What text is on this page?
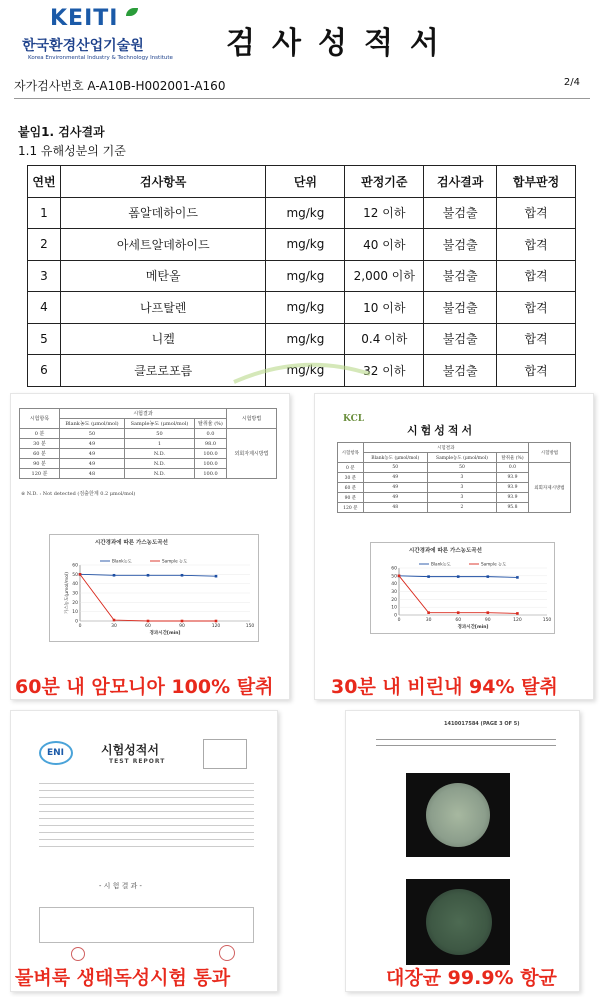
KEITI
한국환경산업기술원
Korea Environmental Industry & Technology Institute 검사성적서
자가검사번호 A-A10B-H002001-A160	2/4
붙임1. 검사결과
1.1 유해성분의 기준
연번	검사항목	단위	판정기준	검사결과	합부판정
1	폼알데하이드	mg/kg	12 이하	불검출	합격
2	아세트알데하이드	mg/kg	40 이하	불검출	합격
3	메탄올	mg/kg	2,000 이하	불검출	합격
4	나프탈렌	mg/kg	10 이하	불검출	합격
5	니켈	mg/kg	0.4 이하	불검출	합격
6	클로로포름	mg/kg	32 이하	불검출	합격
시험항목	시험결과			시험방법
	Blank농도 (μmol/mol)	Sample농도 (μmol/mol)	탈취율 (%)	
0 분	50	50	0.0	외회자제시방법
30 분	49	1	98.0	
60 분	49	N.D.	100.0	
90 분	49	N.D.	100.0	
120 분	48	N.D.	100.0	
※ N.D. : Not detected (검출한계 0.2 μmol/mol)
시간경과에 따른 가스농도곡선
0
10
20
30
40
50
60
0	30	60	90	120	150
경과시간[min]
가스농도(μmol/mol)
Blank농도	Sample 농도
60분 내 암모니아 100% 탈취
KCL
시험성적서
시험항목	시험결과			시험방법
	Blank농도 (μmol/mol)	Sample농도 (μmol/mol)	탈취율 (%)	
0 분	50	50	0.0	외회자제시방법
30 분	49	3	93.9	
60 분	49	3	93.9	
90 분	49	3	93.9	
120 분	48	2	95.8	
시간경과에 따른 가스농도곡선
0
10
20
30
40
50
60
0	30	60	90	120	150
경과시간[min]
Blank농도	Sample 농도
30분 내 비린내 94% 탈취
ENI	시험성적서
TEST REPORT
- 시 험 결 과 -
물벼룩 생태독성시험 통과
1410017584 (PAGE 3 OF 5)
대장균 99.9% 항균
